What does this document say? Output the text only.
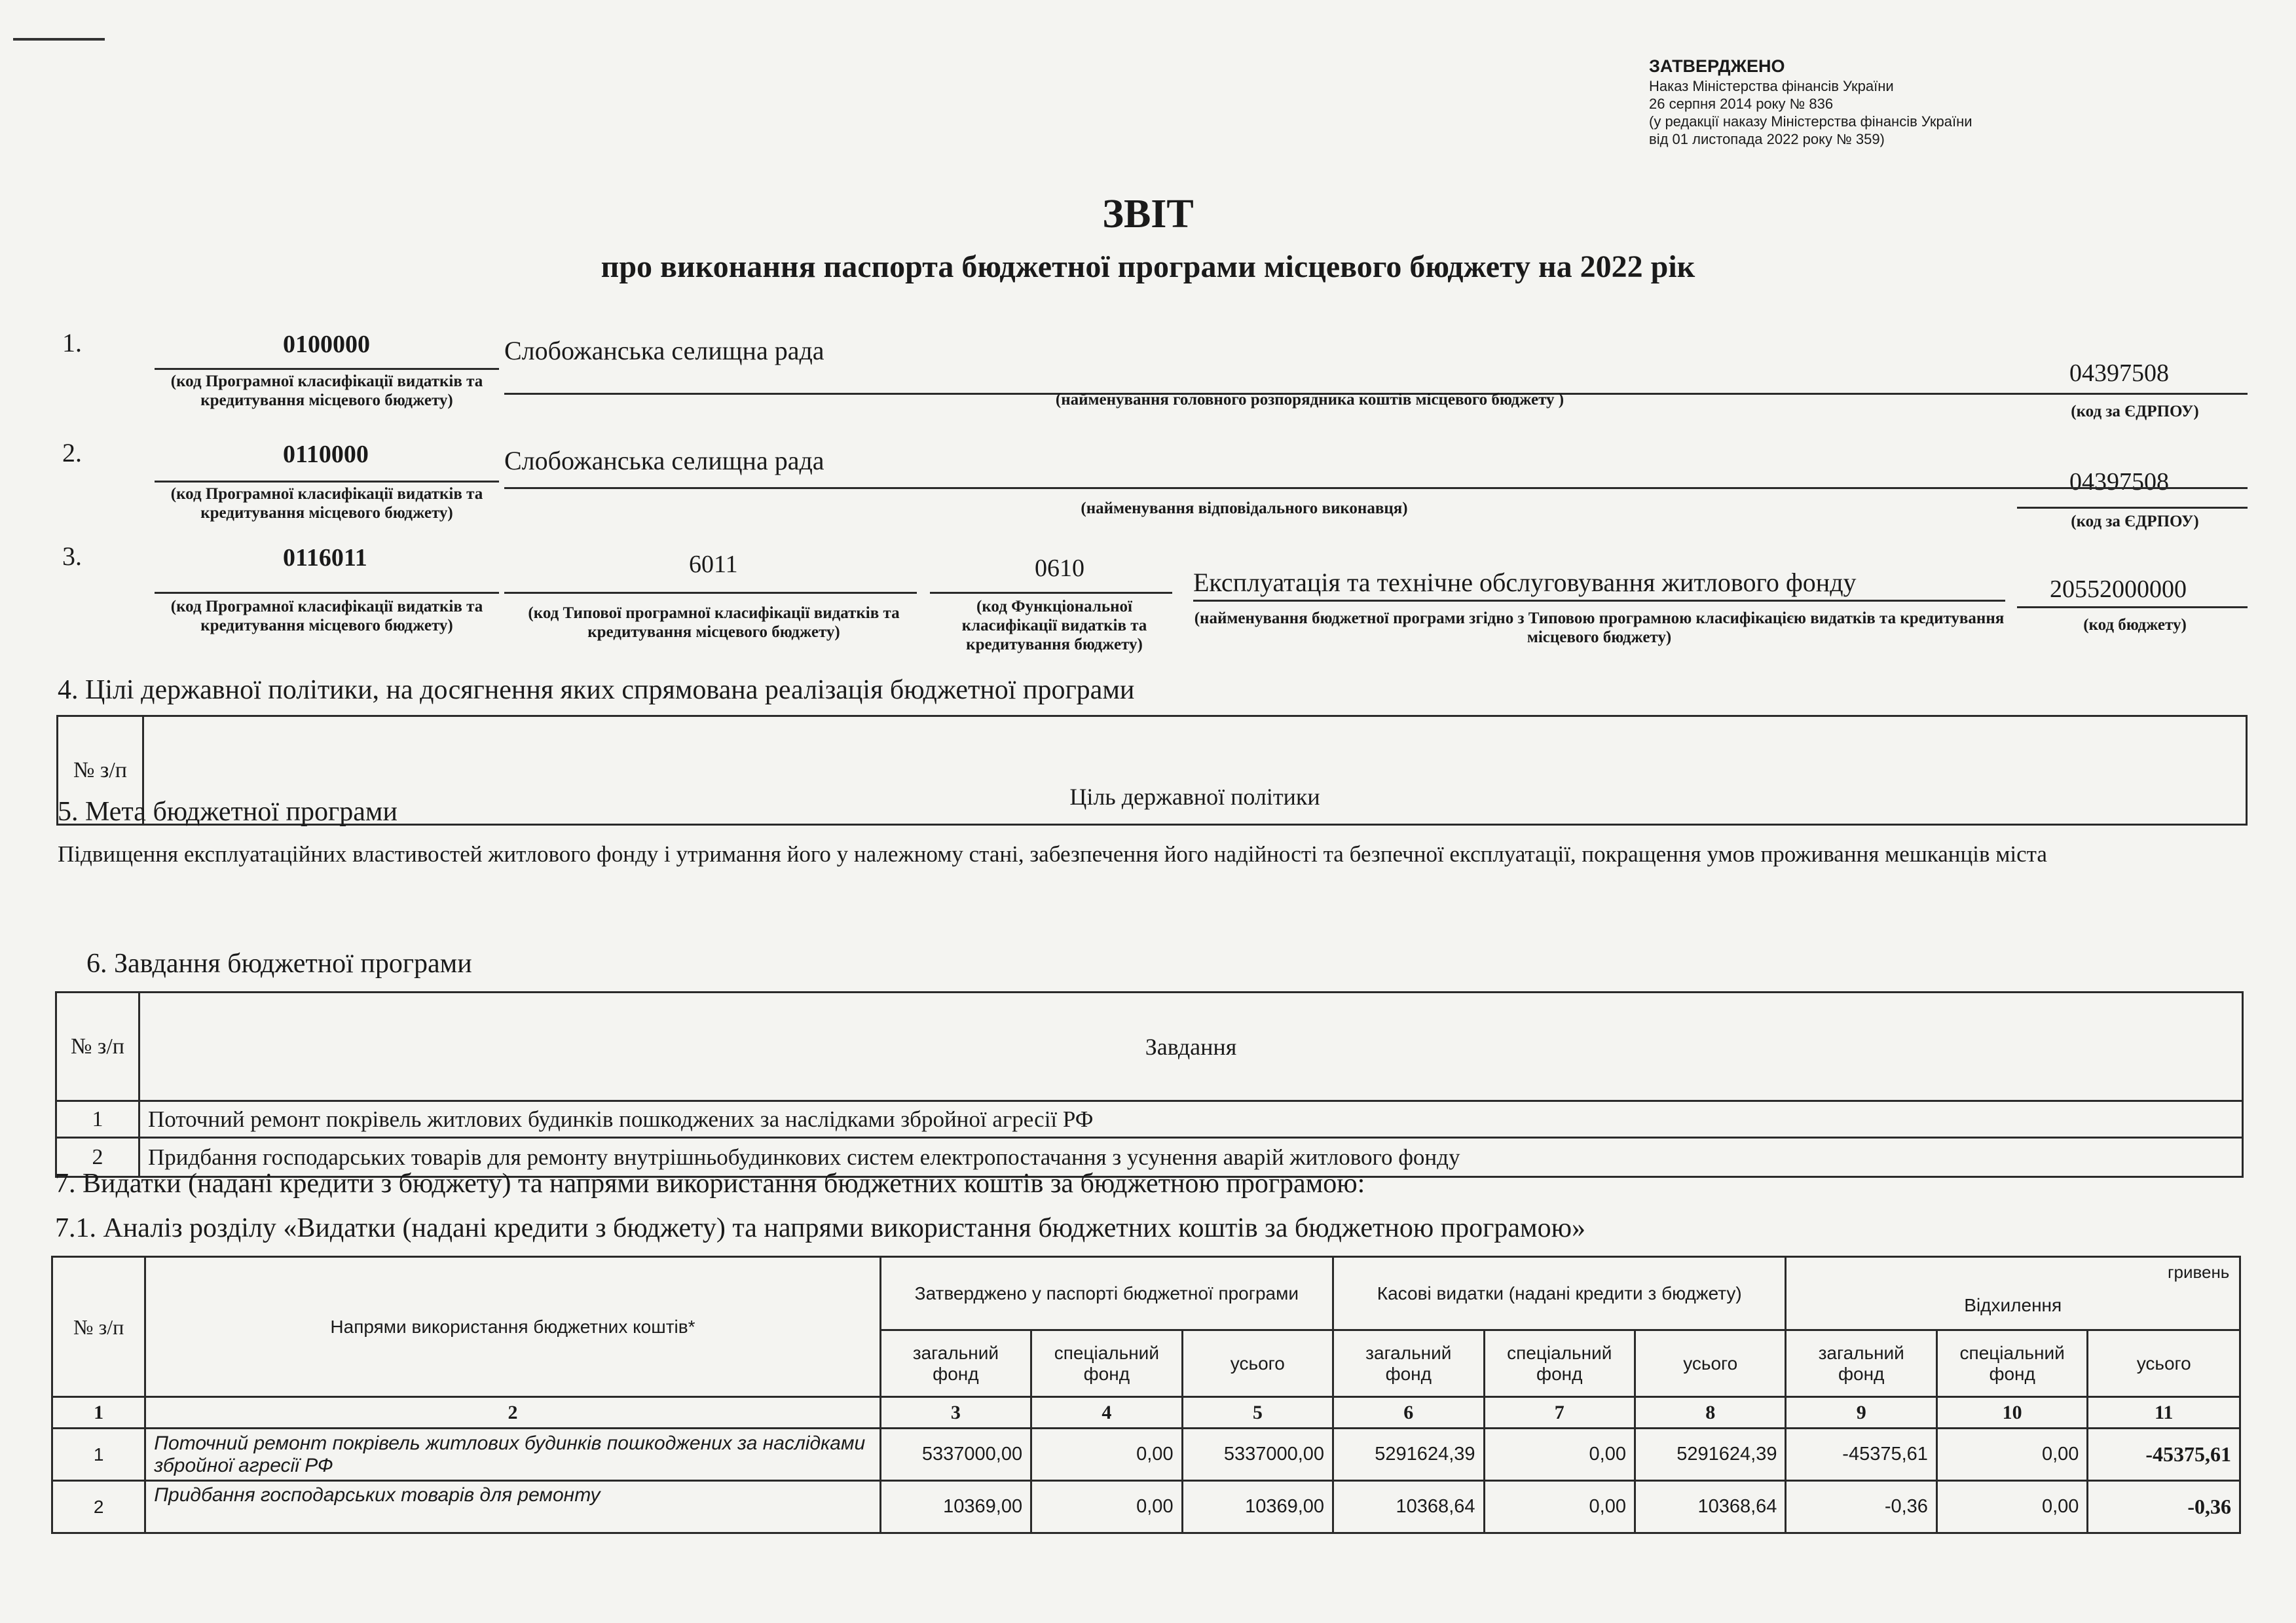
ЗАТВЕРДЖЕНО
Наказ Міністерства фінансів України
26 серпня 2014 року № 836
(у редакції наказу Міністерства фінансів України
від 01 листопада 2022 року № 359)
ЗВІТ
про виконання паспорта бюджетної програми місцевого бюджету на 2022 рік
1.	0100000	Слобожанська селищна рада
04397508
(код Програмної класифікації видатків та кредитування місцевого бюджету)	(найменування головного розпорядника коштів місцевого бюджету )
(код за ЄДРПОУ)
2.	0110000	Слобожанська селищна рада
04397508
(код Програмної класифікації видатків та кредитування місцевого бюджету)	(найменування відповідального виконавця)
(код за ЄДРПОУ)
3.	0116011	6011	0610	Експлуатація та технічне обслуговування житлового фонду	20552000000
(код Програмної класифікації видатків та кредитування місцевого бюджету)
(код Типової програмної класифікації видатків та кредитування місцевого бюджету)
(код Функціональної класифікації видатків та кредитування бюджету)
(найменування бюджетної програми згідно з Типовою програмною класифікацією видатків та кредитування місцевого бюджету)
(код бюджету)
4. Цілі державної політики, на досягнення яких спрямована реалізація бюджетної програми
№ з/п	Ціль державної політики
5. Мета бюджетної програми
Підвищення експлуатаційних властивостей житлового фонду і утримання його у належному стані, забезпечення його надійності та безпечної експлуатації, покращення умов проживання мешканців міста
6. Завдання бюджетної програми
№ з/п	Завдання
1	Поточний ремонт покрівель житлових будинків пошкоджених за наслідками збройної агресії РФ
2	Придбання господарських товарів для ремонту внутрішньобудинкових систем електропостачання з усунення аварій житлового фонду
7. Видатки (надані кредити з бюджету) та напрями використання бюджетних коштів за бюджетною програмою:
7.1. Аналіз розділу «Видатки (надані кредити з бюджету) та напрями використання бюджетних коштів за бюджетною програмою»
гривень
№ з/п	Напрями використання бюджетних коштів*	Затверджено у паспорті бюджетної програми			Касові видатки (надані кредити з бюджету)			Відхилення		
		загальний фонд	спеціальний фонд	усього	загальний фонд	спеціальний фонд	усього	загальний фонд	спеціальний фонд	усього
1	2	3	4	5	6	7	8	9	10	11
1	Поточний ремонт покрівель житлових будинків пошкоджених за наслідками збройної агресії РФ	5337000,00	0,00	5337000,00	5291624,39	0,00	5291624,39	-45375,61	0,00	-45375,61
2	Придбання господарських товарів для ремонту	10369,00	0,00	10369,00	10368,64	0,00	10368,64	-0,36	0,00	-0,36
